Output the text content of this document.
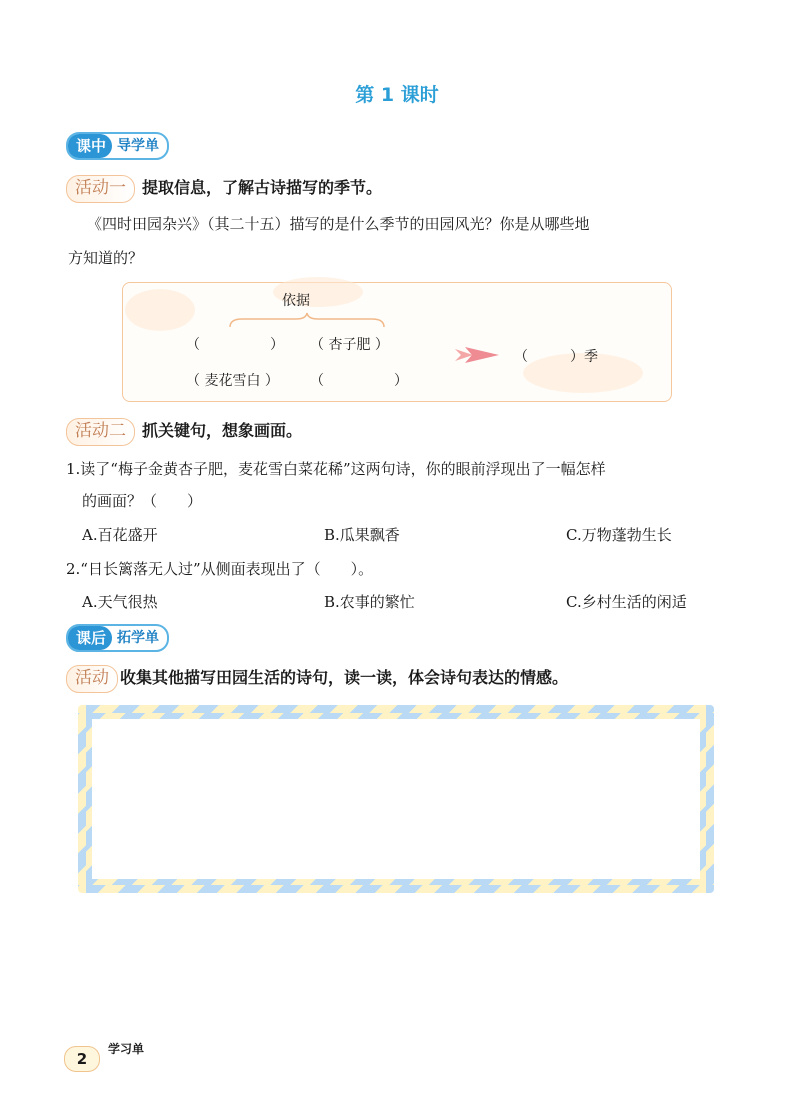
第 1 课时
课中 导学单
活动一	提取信息，了解古诗描写的季节。
《四时田园杂兴》（其二十五）描写的是什么季节的田园风光？你是从哪些地
方知道的？
依据
（　　　　　） （ 杏子肥 ）
（ 麦花雪白 ） （　　　　　）
（　　　）季
活动二	抓关键句，想象画面。
1.读了“梅子金黄杏子肥，麦花雪白菜花稀”这两句诗，你的眼前浮现出了一幅怎样
的画面？（　　）
A.百花盛开	B.瓜果飘香	C.万物蓬勃生长
2.“日长篱落无人过”从侧面表现出了（　　）。
A.天气很热	B.农事的繁忙	C.乡村生活的闲适
课后 拓学单
活动 收集其他描写田园生活的诗句，读一读，体会诗句表达的情感。
2
学习单
